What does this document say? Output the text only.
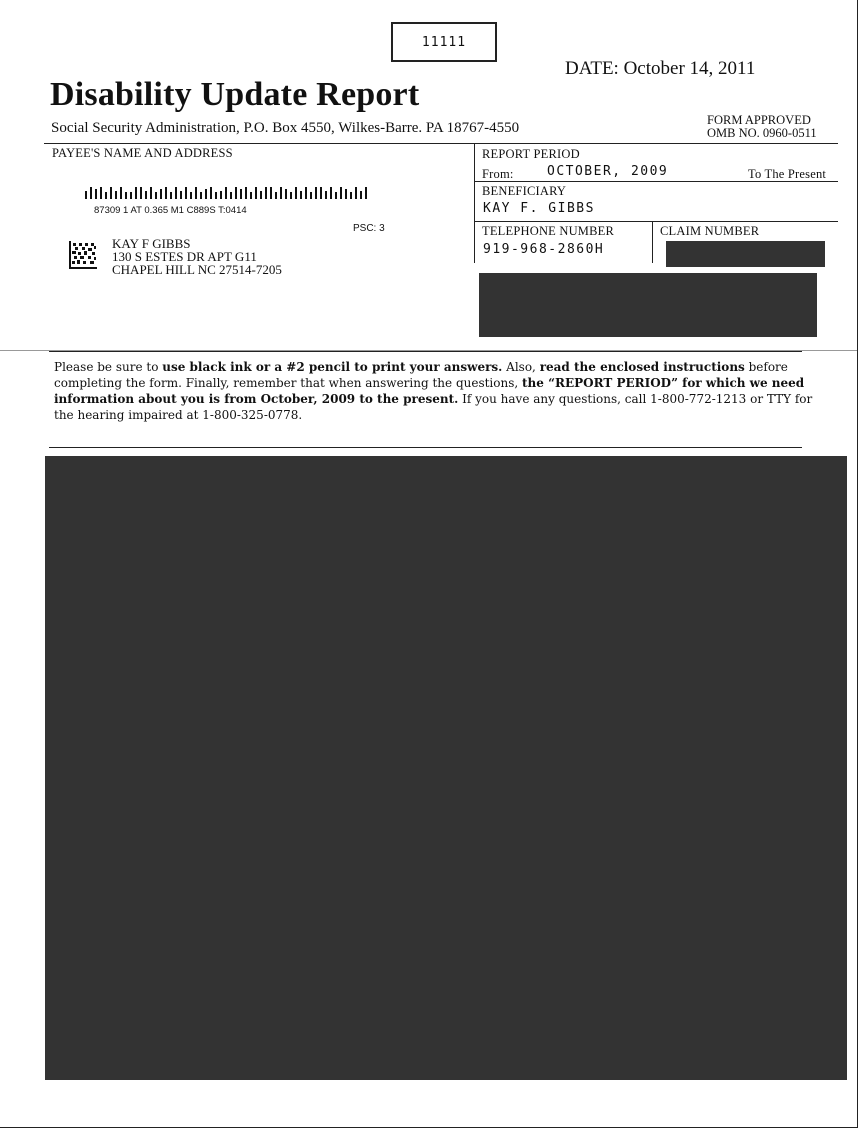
11111
DATE: October 14, 2011
Disability Update Report
Social Security Administration, P.O. Box 4550, Wilkes-Barre. PA 18767-4550	FORM APPROVED
OMB NO. 0960-0511
PAYEE'S NAME AND ADDRESS
87309 1 AT 0.365 M1 C889S T:0414
PSC: 3
KAY F GIBBS
130 S ESTES DR APT G11
CHAPEL HILL NC 27514-7205
REPORT PERIOD
From:	OCTOBER, 2009	To The Present
BENEFICIARY
KAY F. GIBBS
TELEPHONE NUMBER
919-968-2860H
CLAIM NUMBER
Please be sure to use black ink or a #2 pencil to print your answers. Also, read the enclosed instructions before completing the form. Finally, remember that when answering the questions, the “REPORT PERIOD” for which we need information about you is from October, 2009 to the present. If you have any questions, call 1-800-772-1213 or TTY for the hearing impaired at 1-800-325-0778.
